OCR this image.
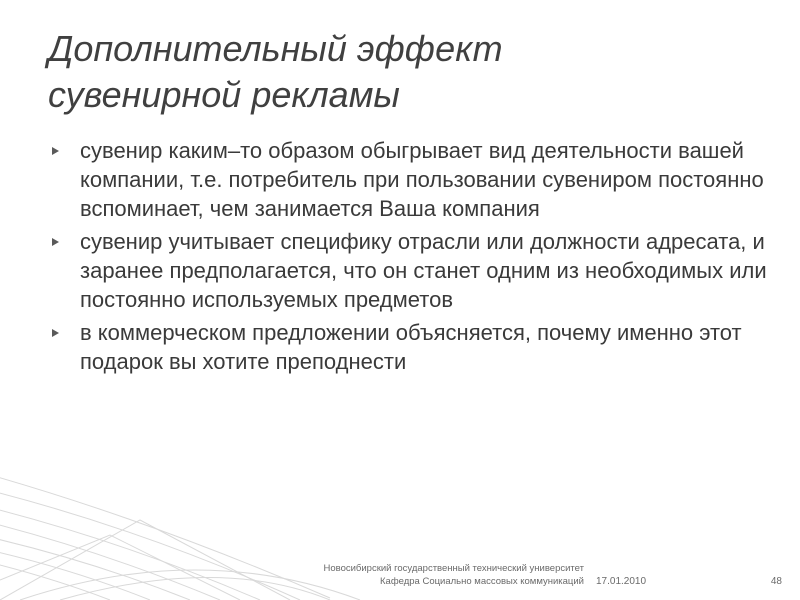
Дополнительный эффект
сувенирной рекламы
сувенир каким–то образом обыгрывает вид деятельности вашей компании, т.е. потребитель при пользовании сувениром постоянно вспоминает, чем занимается Ваша компания
сувенир учитывает специфику отрасли или должности адресата, и заранее предполагается, что он станет одним из необходимых или постоянно используемых предметов
в коммерческом предложении объясняется, почему именно этот подарок вы хотите преподнести
Новосибирский государственный технический университет
Кафедра Социально массовых коммуникаций 17.01.2010	48
